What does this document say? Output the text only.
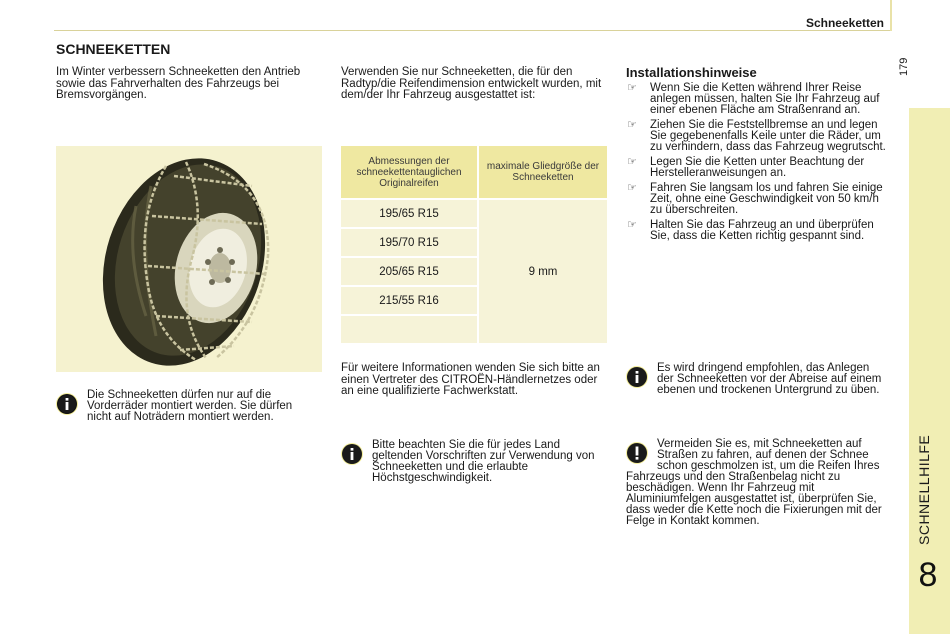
Schneeketten
179
SCHNELLHILFE
8
SCHNEEKETTEN
Im Winter verbessern Schneeketten den Antrieb sowie das Fahrverhalten des Fahrzeugs bei Bremsvorgängen.
Die Schneeketten dürfen nur auf die Vorderräder montiert werden. Sie dürfen nicht auf Noträdern montiert werden.
Verwenden Sie nur Schneeketten, die für den Radtyp/die Reifendimension entwickelt wurden, mit dem/der Ihr Fahrzeug ausgestattet ist:
Abmessungen der schneekettentauglichen Originalreifen	maximale Gliedgröße der Schneeketten
195/65 R15	9 mm
195/70 R15	
205/65 R15	
215/55 R16	

Für weitere Informationen wenden Sie sich bitte an einen Vertreter des CITROËN-Händlernetzes oder an eine qualifizierte Fachwerkstatt.
Bitte beachten Sie die für jedes Land geltenden Vorschriften zur Verwendung von Schneeketten und die erlaubte Höchstgeschwindigkeit.
Installationshinweise
☞ Wenn Sie die Ketten während Ihrer Reise anlegen müssen, halten Sie Ihr Fahrzeug auf einer ebenen Fläche am Straßenrand an.
☞ Ziehen Sie die Feststellbremse an und legen Sie gegebenenfalls Keile unter die Räder, um zu verhindern, dass das Fahrzeug wegrutscht.
☞ Legen Sie die Ketten unter Beachtung der Herstelleranweisungen an.
☞ Fahren Sie langsam los und fahren Sie einige Zeit, ohne eine Geschwindigkeit von 50 km/h zu überschreiten.
☞ Halten Sie das Fahrzeug an und überprüfen Sie, dass die Ketten richtig gespannt sind.
Es wird dringend empfohlen, das Anlegen der Schneeketten vor der Abreise auf einem ebenen und trockenen Untergrund zu üben.
Vermeiden Sie es, mit Schneeketten auf Straßen zu fahren, auf denen der Schnee schon geschmolzen ist, um die Reifen Ihres Fahrzeugs und den Straßenbelag nicht zu beschädigen. Wenn Ihr Fahrzeug mit Aluminiumfelgen ausgestattet ist, überprüfen Sie, dass weder die Kette noch die Fixierungen mit der Felge in Kontakt kommen.
